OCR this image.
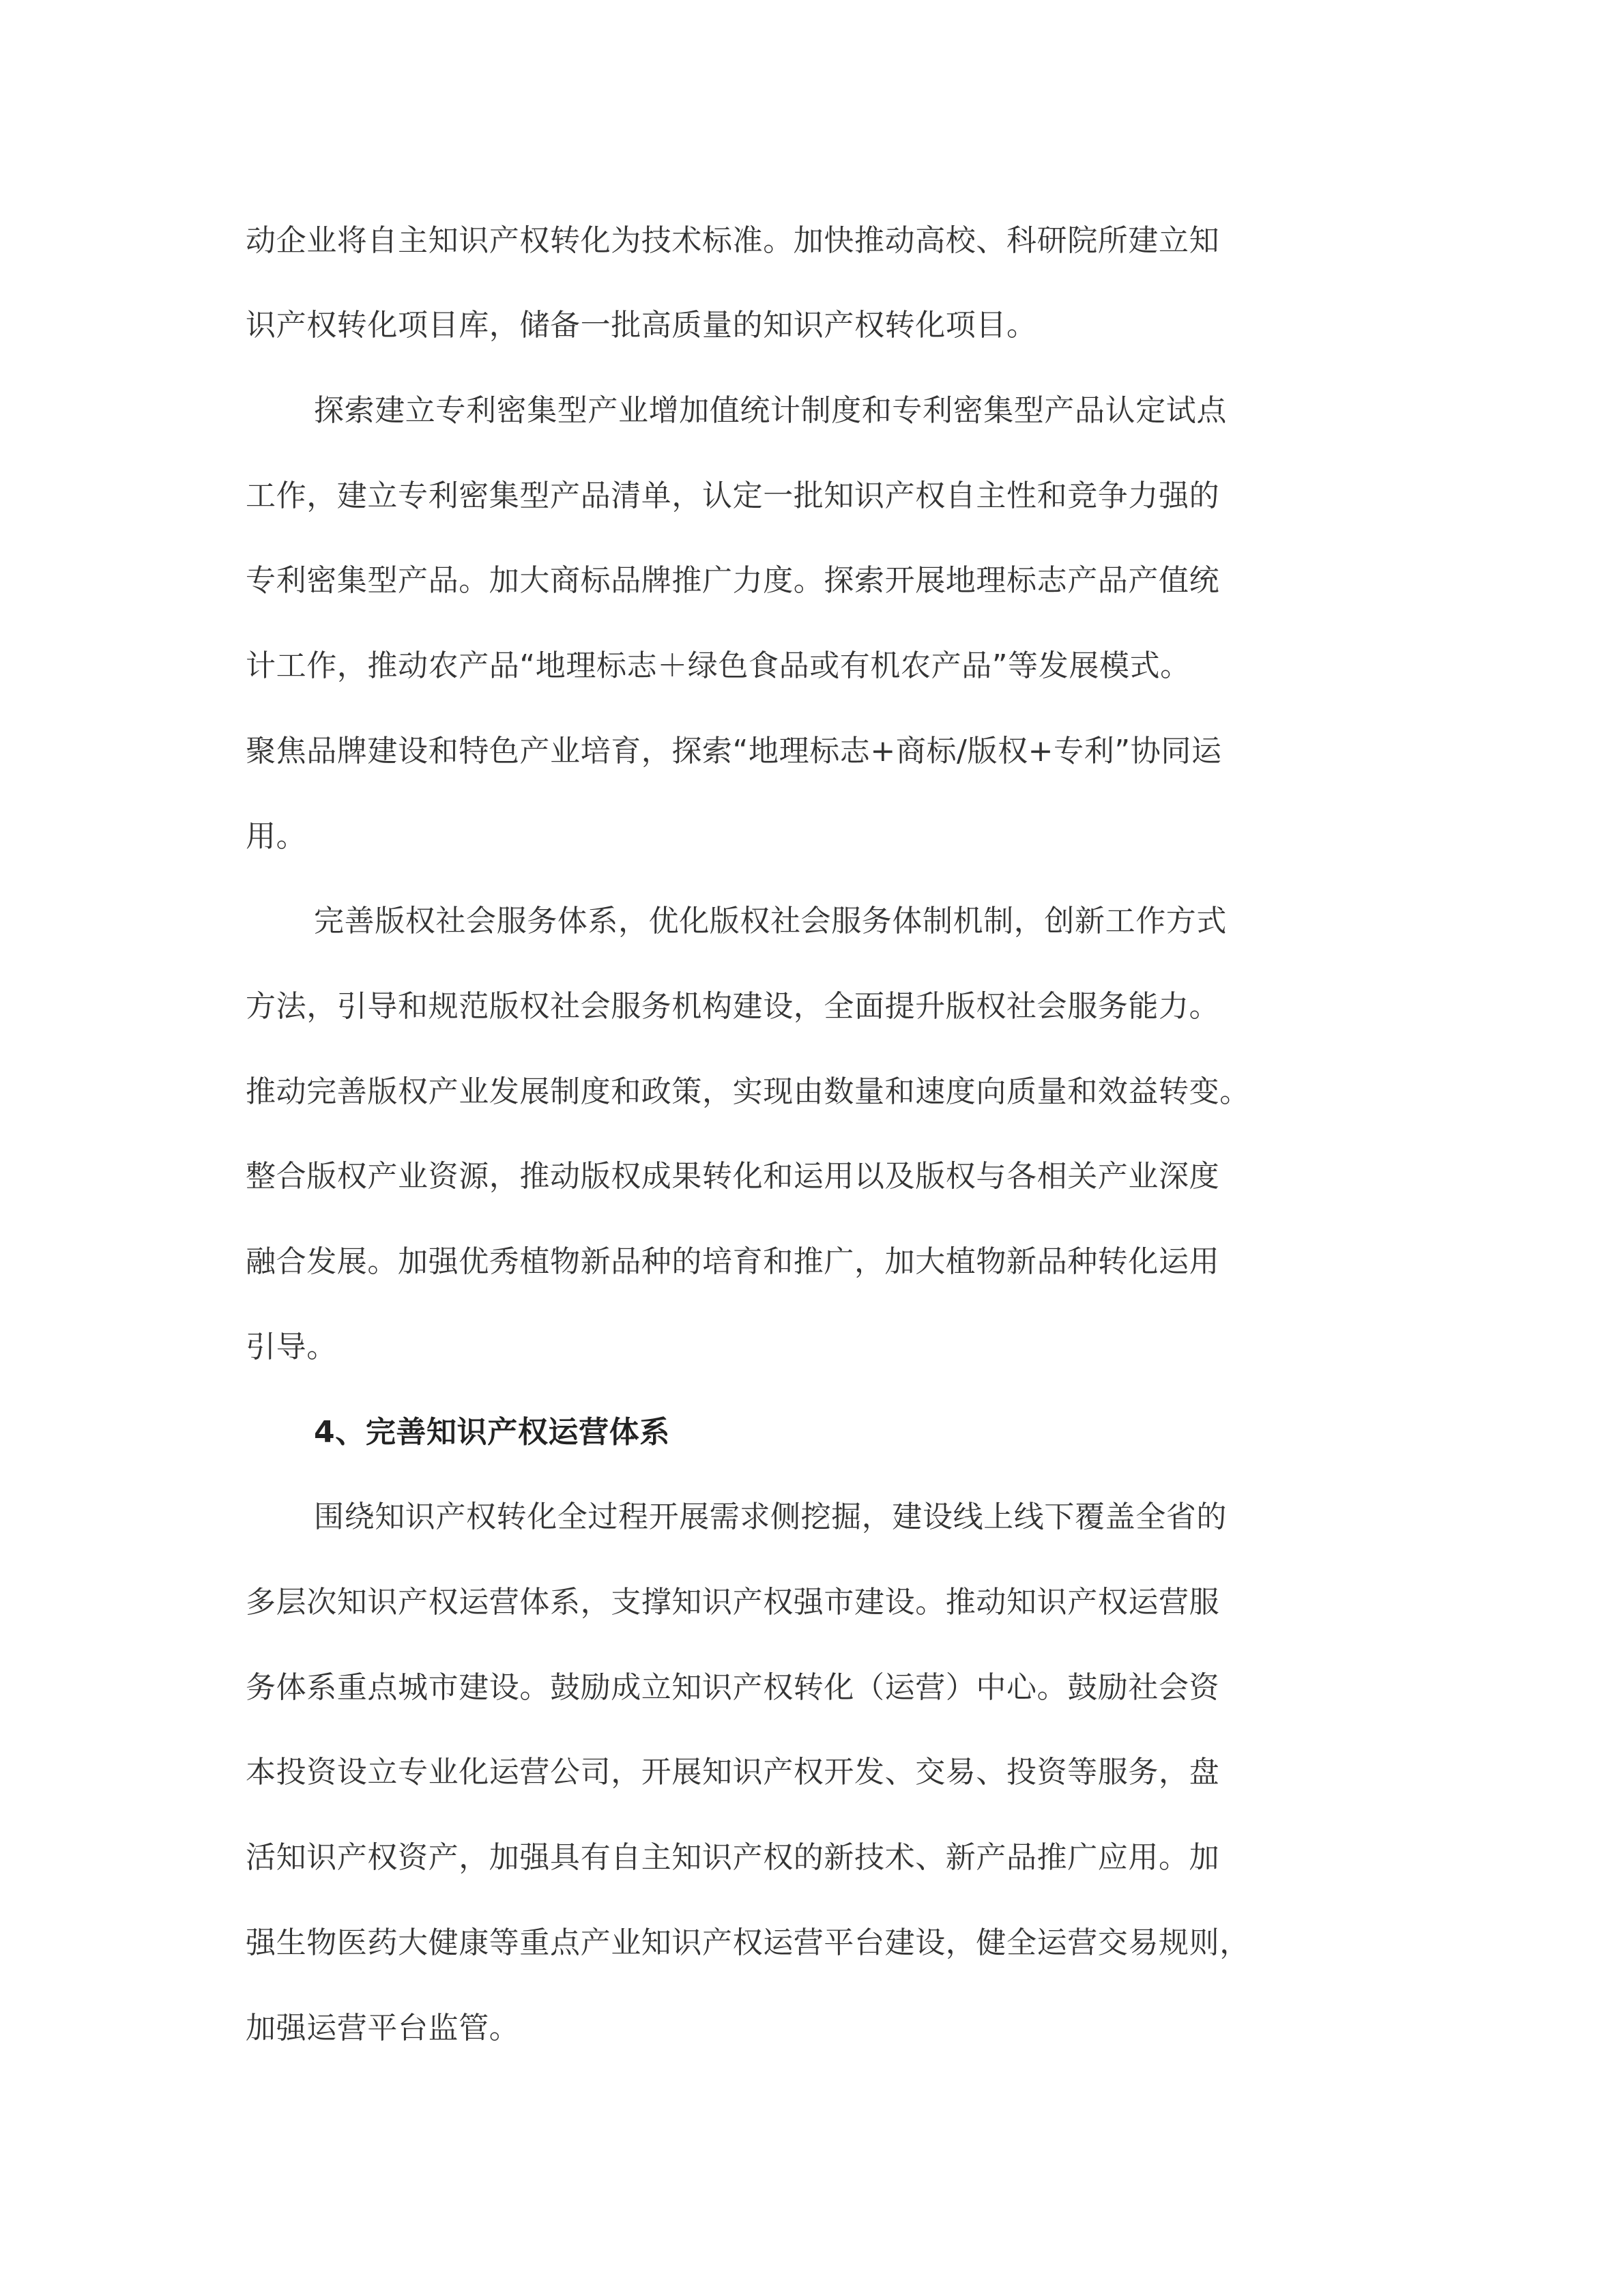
动企业将自主知识产权转化为技术标准。加快推动高校、科研院所建立知
识产权转化项目库，储备一批高质量的知识产权转化项目。
探索建立专利密集型产业增加值统计制度和专利密集型产品认定试点
工作，建立专利密集型产品清单，认定一批知识产权自主性和竞争力强的
专利密集型产品。加大商标品牌推广力度。探索开展地理标志产品产值统
计工作，推动农产品“地理标志＋绿色食品或有机农产品”等发展模式。
聚焦品牌建设和特色产业培育，探索“地理标志+商标/版权+专利”协同运
用。
完善版权社会服务体系，优化版权社会服务体制机制，创新工作方式
方法，引导和规范版权社会服务机构建设，全面提升版权社会服务能力。
推动完善版权产业发展制度和政策，实现由数量和速度向质量和效益转变。
整合版权产业资源，推动版权成果转化和运用以及版权与各相关产业深度
融合发展。加强优秀植物新品种的培育和推广，加大植物新品种转化运用
引导。
4、完善知识产权运营体系
围绕知识产权转化全过程开展需求侧挖掘，建设线上线下覆盖全省的
多层次知识产权运营体系，支撑知识产权强市建设。推动知识产权运营服
务体系重点城市建设。鼓励成立知识产权转化（运营）中心。鼓励社会资
本投资设立专业化运营公司，开展知识产权开发、交易、投资等服务，盘
活知识产权资产，加强具有自主知识产权的新技术、新产品推广应用。加
强生物医药大健康等重点产业知识产权运营平台建设，健全运营交易规则，
加强运营平台监管。
